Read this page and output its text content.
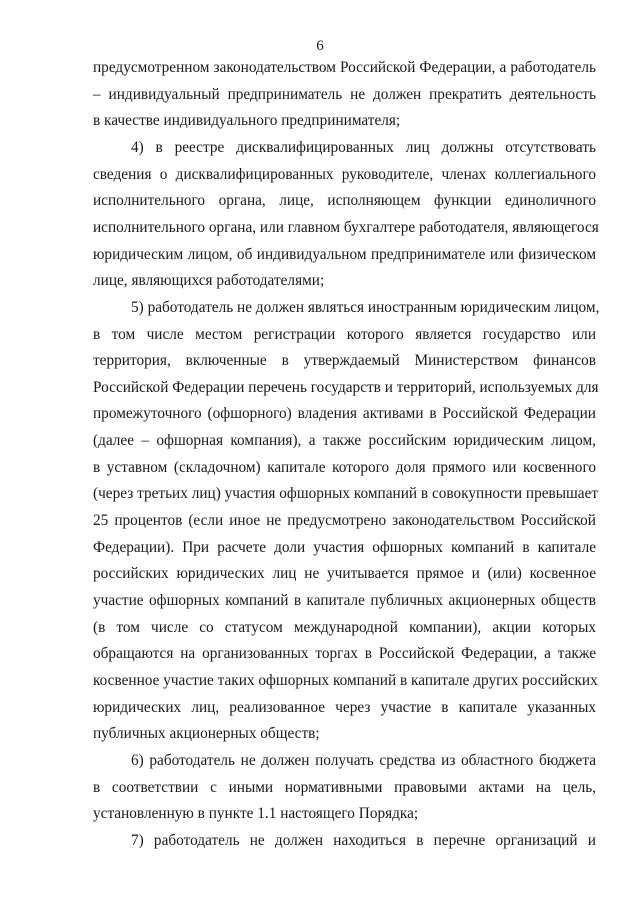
6
предусмотренном законодательством Российской Федерации, а работодатель
– индивидуальный предприниматель не должен прекратить деятельность
в качестве индивидуального предпринимателя;
4) в реестре дисквалифицированных лиц должны отсутствовать
сведения о дисквалифицированных руководителе, членах коллегиального
исполнительного органа, лице, исполняющем функции единоличного
исполнительного органа, или главном бухгалтере работодателя, являющегося
юридическим лицом, об индивидуальном предпринимателе или физическом
лице, являющихся работодателями;
5) работодатель не должен являться иностранным юридическим лицом,
в том числе местом регистрации которого является государство или
территория, включенные в утверждаемый Министерством финансов
Российской Федерации перечень государств и территорий, используемых для
промежуточного (офшорного) владения активами в Российской Федерации
(далее – офшорная компания), а также российским юридическим лицом,
в уставном (складочном) капитале которого доля прямого или косвенного
(через третьих лиц) участия офшорных компаний в совокупности превышает
25 процентов (если иное не предусмотрено законодательством Российской
Федерации). При расчете доли участия офшорных компаний в капитале
российских юридических лиц не учитывается прямое и (или) косвенное
участие офшорных компаний в капитале публичных акционерных обществ
(в том числе со статусом международной компании), акции которых
обращаются на организованных торгах в Российской Федерации, а также
косвенное участие таких офшорных компаний в капитале других российских
юридических лиц, реализованное через участие в капитале указанных
публичных акционерных обществ;
6) работодатель не должен получать средства из областного бюджета
в соответствии с иными нормативными правовыми актами на цель,
установленную в пункте 1.1 настоящего Порядка;
7) работодатель не должен находиться в перечне организаций и
